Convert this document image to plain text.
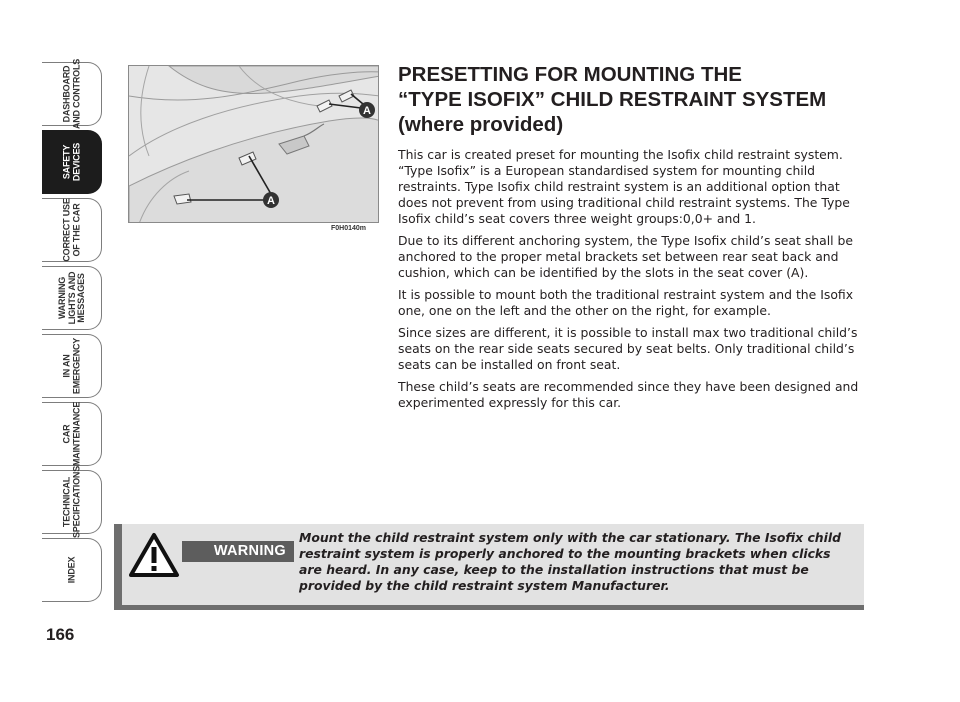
DASHBOARD
AND CONTROLS
SAFETY
DEVICES
CORRECT USE
OF THE CAR
WARNING
LIGHTS AND
MESSAGES
IN AN
EMERGENCY
CAR
MAINTENANCE
TECHNICAL
SPECIFICATIONS
INDEX
166
A
A
F0H0140m
PRESETTING FOR MOUNTING THE
“TYPE ISOFIX” CHILD RESTRAINT SYSTEM

(where provided)

This car is created preset for mounting the Isofix child restraint system. “Type Isofix” is a European standardised system for mounting child restraints. Type Isofix child restraint system is an additional option that does not prevent from using traditional child restraint systems. The Type Isofix child’s seat covers three weight groups:0,0+ and 1.

Due to its different anchoring system, the Type Isofix child’s seat shall be anchored to the proper metal brackets set between rear seat back and cushion, which can be identified by the slots in the seat cover (A).

It is possible to mount both the traditional restraint system and the Isofix one, one on the left and the other on the right, for example.

Since sizes are different, it is possible to install max two traditional child’s seats on the rear side seats secured by seat belts. Only traditional child’s seats can be installed on front seat.

These child’s seats are recommended since they have been designed and experimented expressly for this car.

WARNING
Mount the child restraint system only with the car stationary. The Isofix child restraint system is properly anchored to the mounting brackets when clicks are heard. In any case, keep to the installation instructions that must be provided by the child restraint system Manufacturer.
